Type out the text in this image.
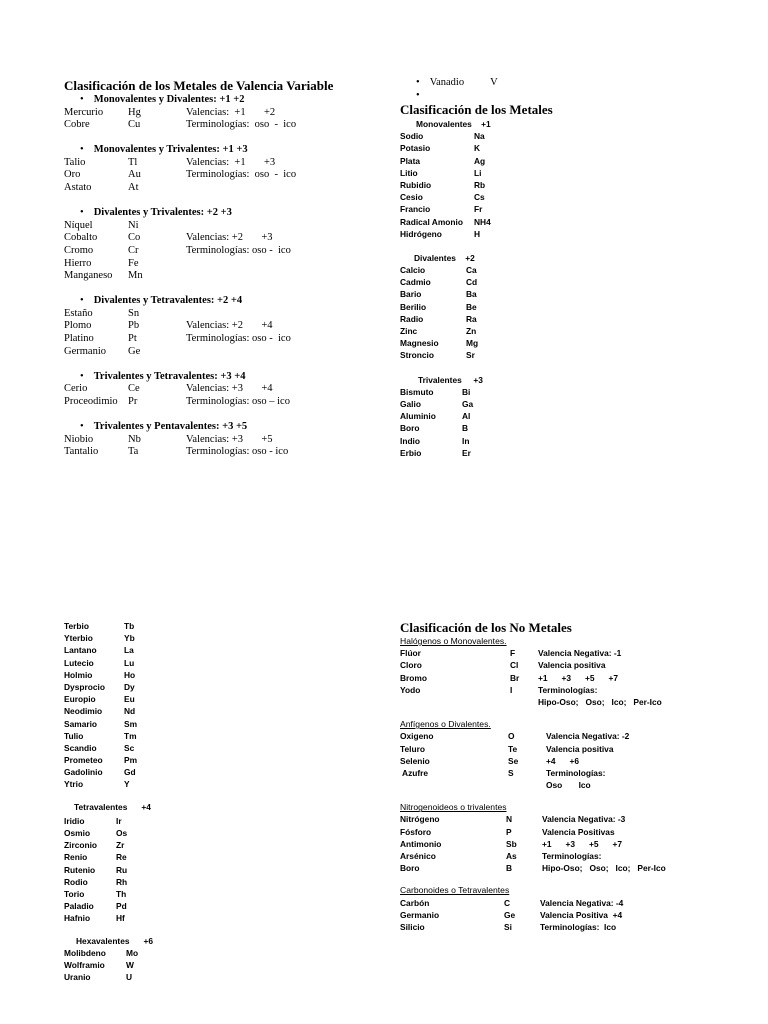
Clasificación de los Metales de Valencia Variable
• Monovalentes y Divalentes: +1 +2
Mercurio	Hg	Valencias:  +1       +2
Cobre	Cu	Terminologías:  oso  -  ico
• Monovalentes y Trivalentes: +1 +3
Talio	Tl	Valencias:  +1       +3
Oro	Au	Terminologías:  oso  -  ico
Astato	At
• Divalentes y Trivalentes: +2 +3
Níquel	Ni
Cobalto	Co	Valencias: +2       +3
Cromo	Cr	Terminologías: oso -  ico
Hierro	Fe
Manganeso	Mn
• Divalentes y Tetravalentes: +2 +4
Estaño	Sn
Plomo	Pb	Valencias: +2       +4
Platino	Pt	Terminologías: oso -  ico
Germanio	Ge
• Trivalentes y Tetravalentes: +3 +4
Cerio	Ce	Valencias: +3       +4
Proceodimio Pr	Terminologías: oso – ico
• Trivalentes y Pentavalentes: +3 +5
Niobio	Nb	Valencias: +3       +5
Tantalio	Ta	Terminologías: oso - ico
• Vanadio          V
•
Clasificación de los Metales
Monovalentes    +1
Sodio	Na
Potasio	K
Plata	Ag
Litio	Li
Rubidio	Rb
Cesio	Cs
Francio	Fr
Radical Amonio	NH4
Hidrógeno	H
Divalentes    +2
Calcio	Ca
Cadmio	Cd
Bario	Ba
Berilio	Be
Radio	Ra
Zinc	Zn
Magnesio	Mg
Stroncio	Sr
Trivalentes     +3
Bismuto	Bi
Galio	Ga
Aluminio	Al
Boro	B
Indio	In
Erbio	Er
Terbio	Tb
Yterbio	Yb
Lantano	La
Lutecio	Lu
Holmio	Ho
Dysprocio	Dy
Europio	Eu
Neodimio	Nd
Samario	Sm
Tulio	Tm
Scandio	Sc
Prometeo	Pm
Gadolinio	Gd
Ytrio	Y
Tetravalentes      +4
Iridio	Ir
Osmio	Os
Zirconio	Zr
Renio	Re
Rutenio	Ru
Rodio	Rh
Torio	Th
Paladio	Pd
Hafnio	Hf
Hexavalentes      +6
Molibdeno	Mo
Wolframio	W
Uranio	U
Clasificación de los No Metales
Halógenos o Monovalentes.
Flúor	F	Valencia Negativa: -1
Cloro	Cl	Valencia positiva
Bromo	Br	+1      +3      +5      +7
Yodo	I	Terminologías:
Hipo-Oso;   Oso;   Ico;   Per-Ico
Anfígenos o Divalentes.
Oxigeno	O	Valencia Negativa: -2
Teluro	Te	Valencia positiva
Selenio	Se	+4      +6
Azufre	S	Terminologías:
Oso       Ico
Nitrogenoideos o trivalentes
Nitrógeno	N	Valencia Negativa: -3
Fósforo	P	Valencia Positivas
Antimonio	Sb	+1      +3      +5      +7
Arsénico	As	Terminologías:
Boro	B	Hipo-Oso;   Oso;   Ico;   Per-Ico
Carbonoides o Tetravalentes
Carbón	C	Valencia Negativa: -4
Germanio	Ge	Valencia Positiva  +4
Silicio	Si	Terminologías:  Ico
